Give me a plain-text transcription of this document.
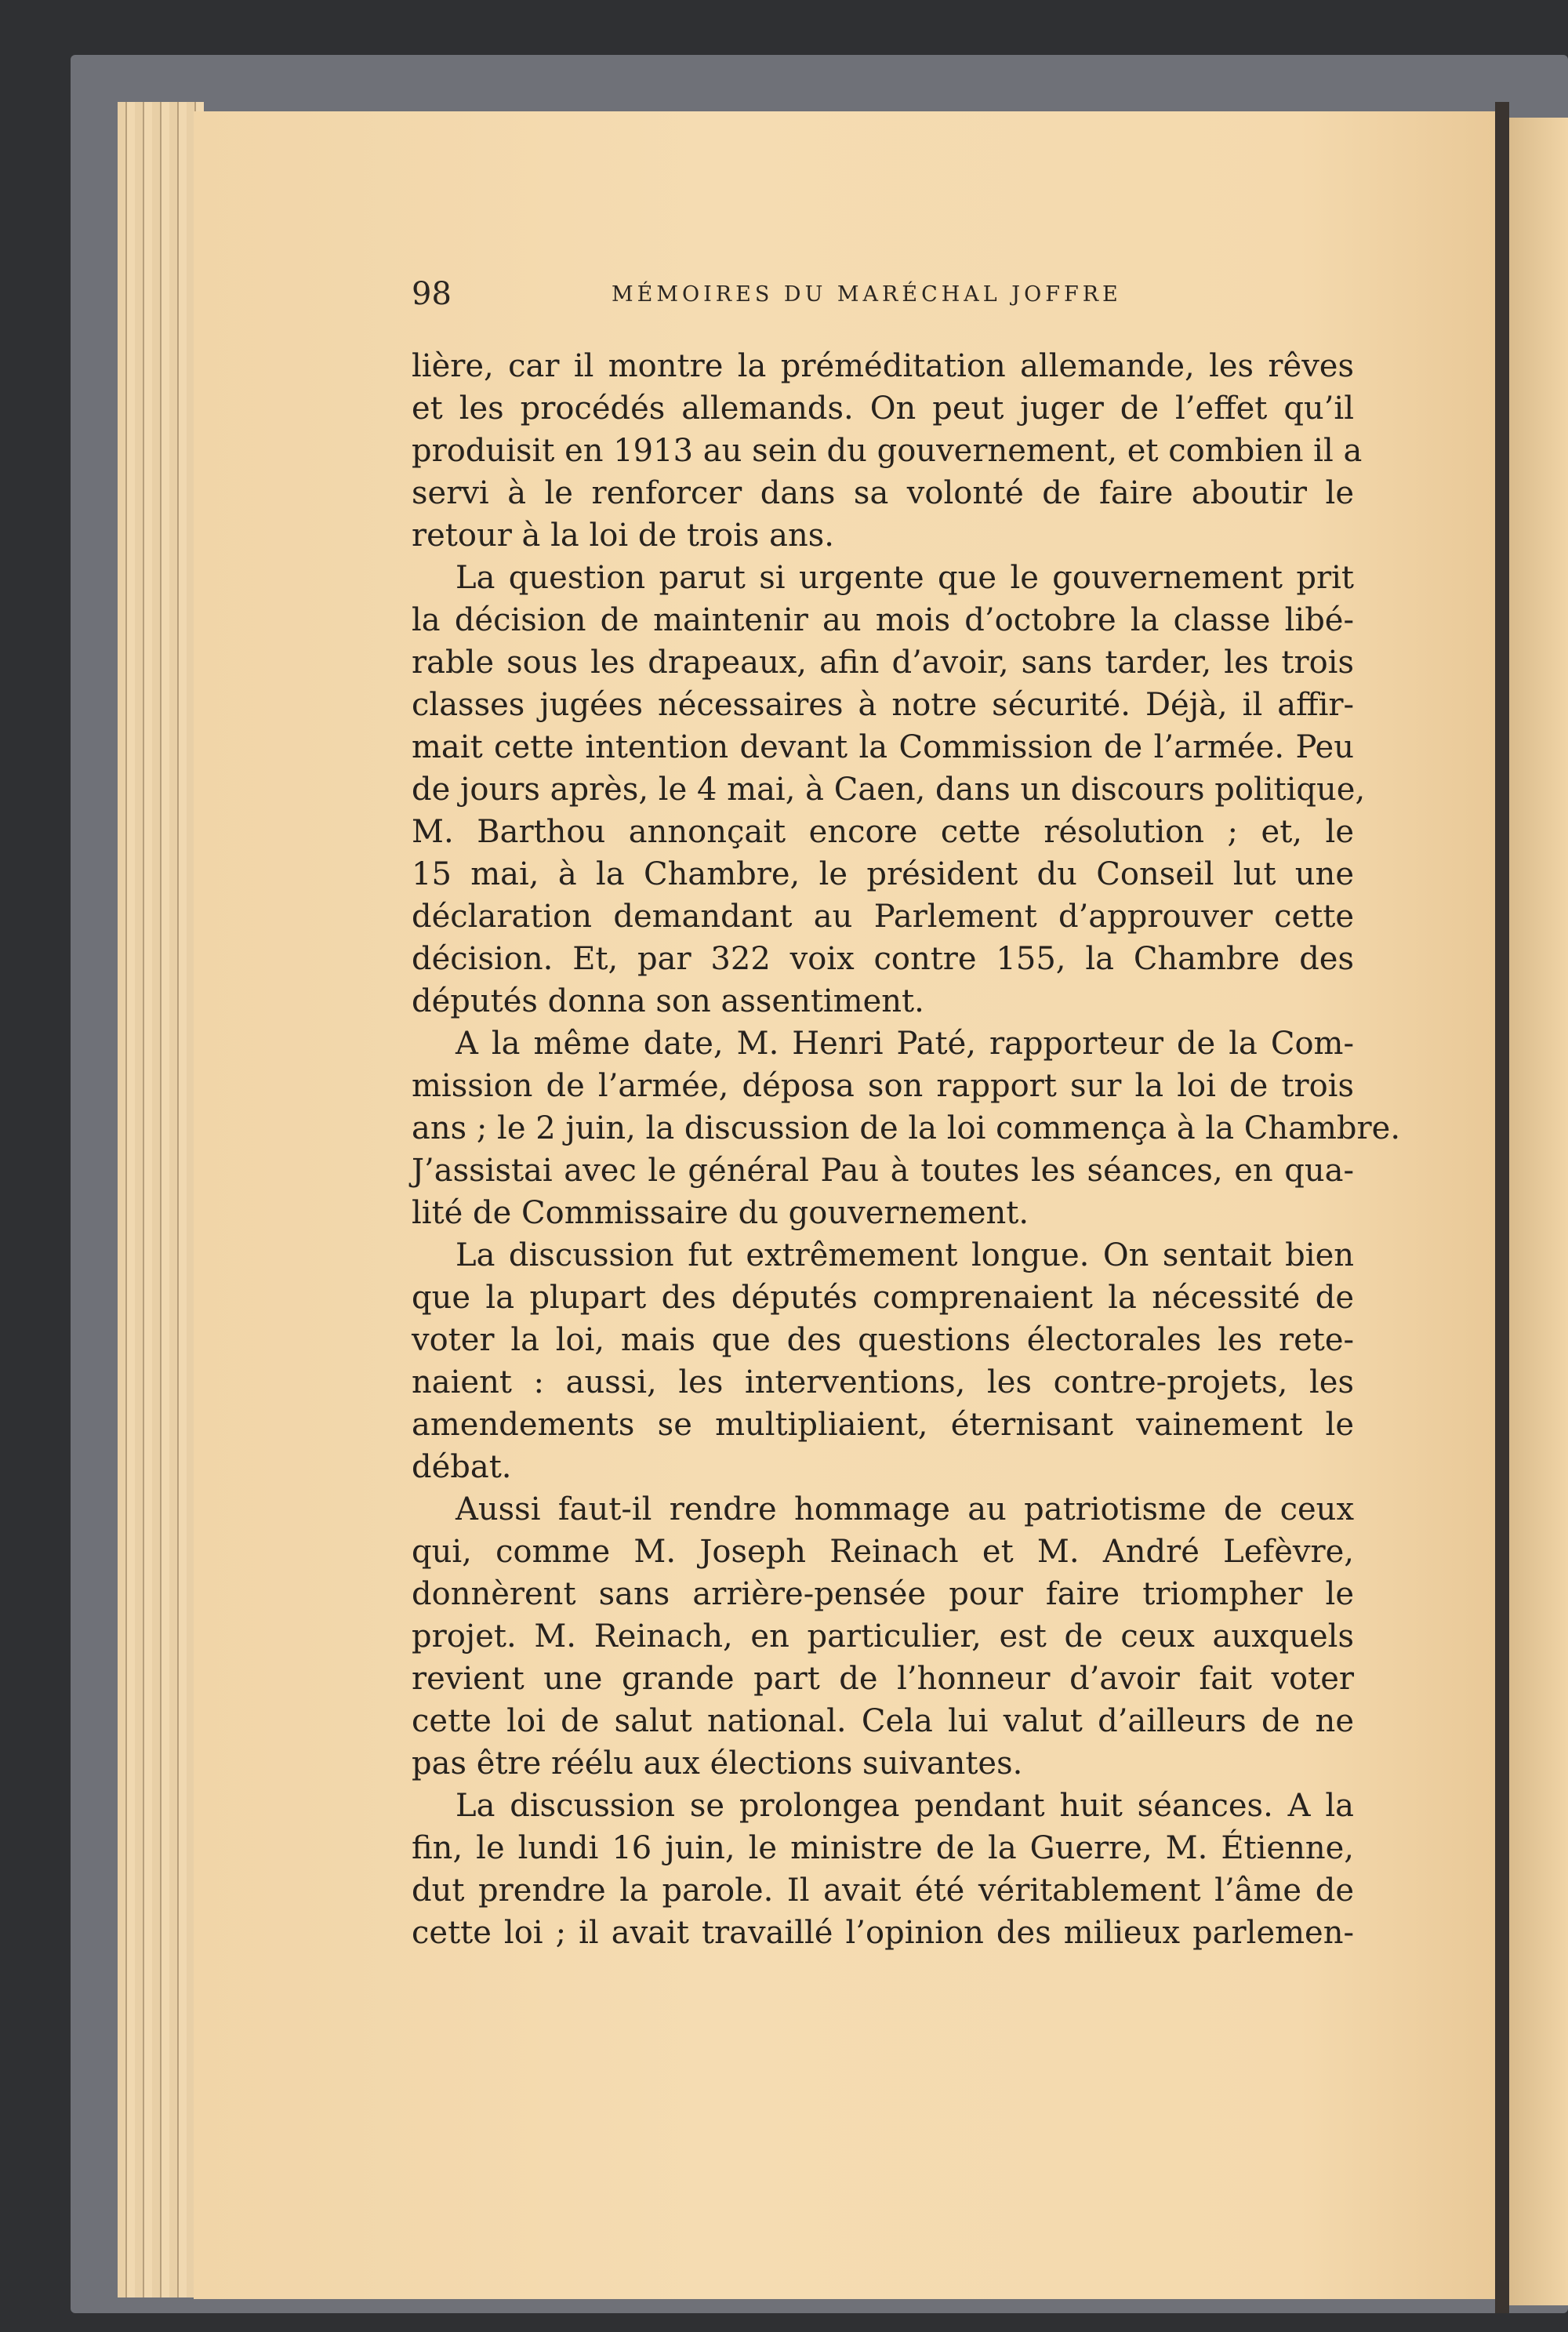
98	MÉMOIRES DU MARÉCHAL JOFFRE
lière, car il montre la préméditation allemande, les rêves
et les procédés allemands. On peut juger de l’effet qu’il
produisit en 1913 au sein du gouvernement, et combien il a
servi à le renforcer dans sa volonté de faire aboutir le
retour à la loi de trois ans.
La question parut si urgente que le gouvernement prit
la décision de maintenir au mois d’octobre la classe libé-
rable sous les drapeaux, afin d’avoir, sans tarder, les trois
classes jugées nécessaires à notre sécurité. Déjà, il affir-
mait cette intention devant la Commission de l’armée. Peu
de jours après, le 4 mai, à Caen, dans un discours politique,
M. Barthou annonçait encore cette résolution ; et, le
15 mai, à la Chambre, le président du Conseil lut une
déclaration demandant au Parlement d’approuver cette
décision. Et, par 322 voix contre 155, la Chambre des
députés donna son assentiment.
A la même date, M. Henri Paté, rapporteur de la Com-
mission de l’armée, déposa son rapport sur la loi de trois
ans ; le 2 juin, la discussion de la loi commença à la Chambre.
J’assistai avec le général Pau à toutes les séances, en qua-
lité de Commissaire du gouvernement.
La discussion fut extrêmement longue. On sentait bien
que la plupart des députés comprenaient la nécessité de
voter la loi, mais que des questions électorales les rete-
naient : aussi, les interventions, les contre-projets, les
amendements se multipliaient, éternisant vainement le
débat.
Aussi faut-il rendre hommage au patriotisme de ceux
qui, comme M. Joseph Reinach et M. André Lefèvre,
donnèrent sans arrière-pensée pour faire triompher le
projet. M. Reinach, en particulier, est de ceux auxquels
revient une grande part de l’honneur d’avoir fait voter
cette loi de salut national. Cela lui valut d’ailleurs de ne
pas être réélu aux élections suivantes.
La discussion se prolongea pendant huit séances. A la
fin, le lundi 16 juin, le ministre de la Guerre, M. Étienne,
dut prendre la parole. Il avait été véritablement l’âme de
cette loi ; il avait travaillé l’opinion des milieux parlemen-
